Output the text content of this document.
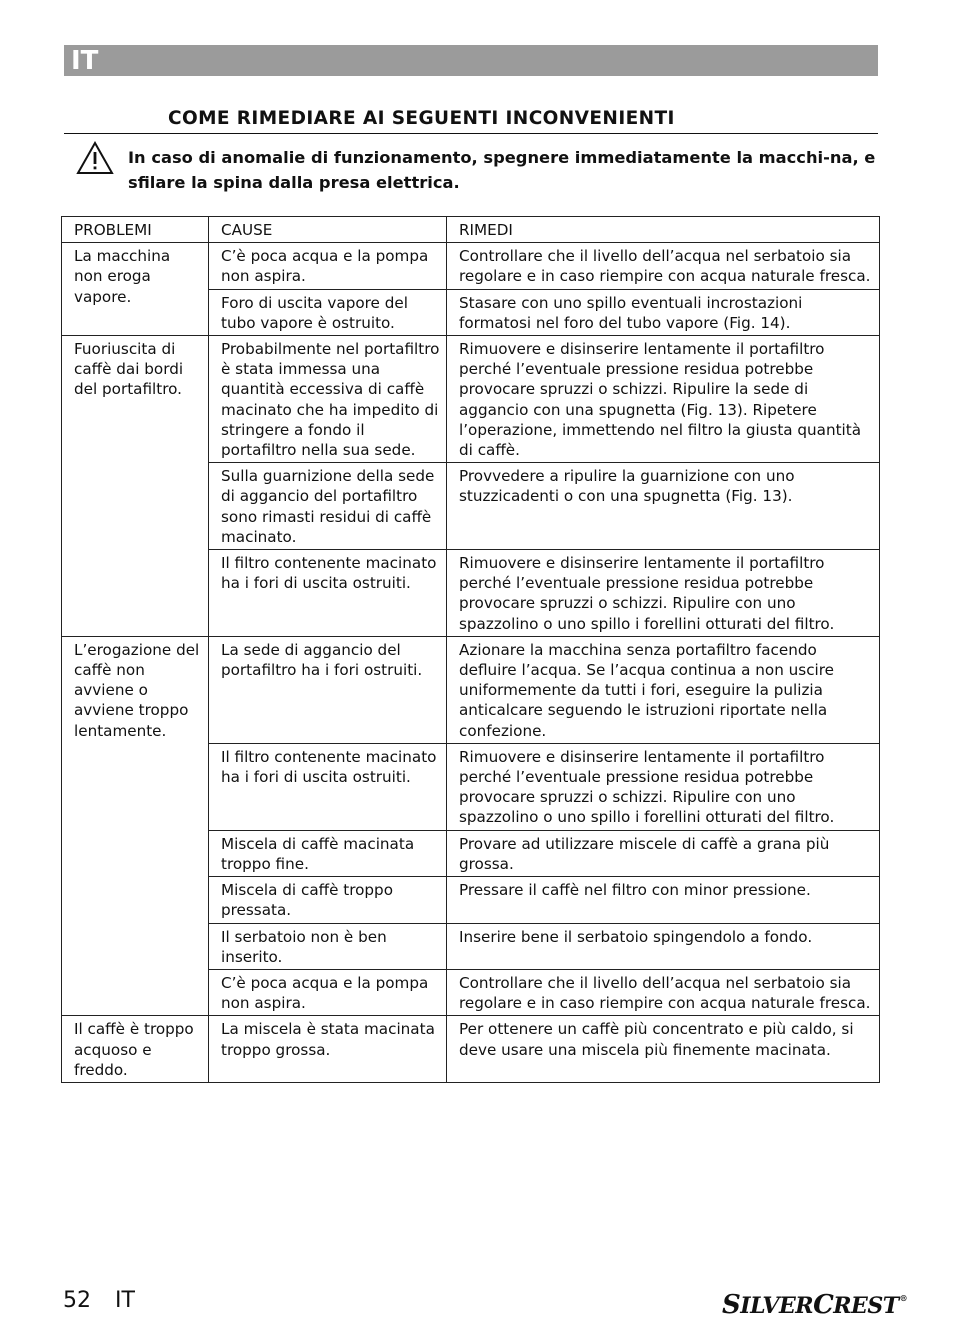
IT
COME RIMEDIARE AI SEGUENTI INCONVENIENTI
In caso di anomalie di funzionamento, spegnere immediatamente la macchi-na, e sfilare la spina dalla presa elettrica.
PROBLEMI	CAUSE	RIMEDI
La macchina non eroga vapore.	C’è poca acqua e la pompa non aspira.	Controllare che il livello dell’acqua nel serbatoio sia regolare e in caso riempire con acqua naturale fresca.
	Foro di uscita vapore del tubo vapore è ostruito.	Stasare con uno spillo eventuali incrostazioni formatosi nel foro del tubo vapore (Fig. 14).
Fuoriuscita di caffè dai bordi del portafiltro.	Probabilmente nel portafiltro è stata immessa una quantità eccessiva di caffè macinato che ha impedito di stringere a fondo il portafiltro nella sua sede.	Rimuovere e disinserire lentamente il portafiltro perché l’eventuale pressione residua potrebbe provocare spruzzi o schizzi. Ripulire la sede di aggancio con una spugnetta (Fig. 13). Ripetere l’operazione, immettendo nel filtro la giusta quantità di caffè.
	Sulla guarnizione della sede di aggancio del portafiltro sono rimasti residui di caffè macinato.	Provvedere a ripulire la guarnizione con uno stuzzicadenti o con una spugnetta (Fig. 13).
	Il filtro contenente macinato ha i fori di uscita ostruiti.	Rimuovere e disinserire lentamente il portafiltro perché l’eventuale pressione residua potrebbe provocare spruzzi o schizzi. Ripulire con uno spazzolino o uno spillo i forellini otturati del filtro.
L’erogazione del caffè non avviene o avviene troppo lentamente.	La sede di aggancio del portafiltro ha i fori ostruiti.	Azionare la macchina senza portafiltro facendo defluire l’acqua. Se l’acqua continua a non uscire uniformemente da tutti i fori, eseguire la pulizia anticalcare seguendo le istruzioni riportate nella confezione.
	Il filtro contenente macinato ha i fori di uscita ostruiti.	Rimuovere e disinserire lentamente il portafiltro perché l’eventuale pressione residua potrebbe provocare spruzzi o schizzi. Ripulire con uno spazzolino o uno spillo i forellini otturati del filtro.
	Miscela di caffè macinata troppo fine.	Provare ad utilizzare miscele di caffè a grana più grossa.
	Miscela di caffè troppo pressata.	Pressare il caffè nel filtro con minor pressione.
	Il serbatoio non è ben inserito.	Inserire bene il serbatoio spingendolo a fondo.
	C’è poca acqua e la pompa non aspira.	Controllare che il livello dell’acqua nel serbatoio sia regolare e in caso riempire con acqua naturale fresca.
Il caffè è troppo acquoso e freddo.	La miscela è stata macinata troppo grossa.	Per ottenere un caffè più concentrato e più caldo, si deve usare una miscela più finemente macinata.
52 IT	SILVERCREST®
